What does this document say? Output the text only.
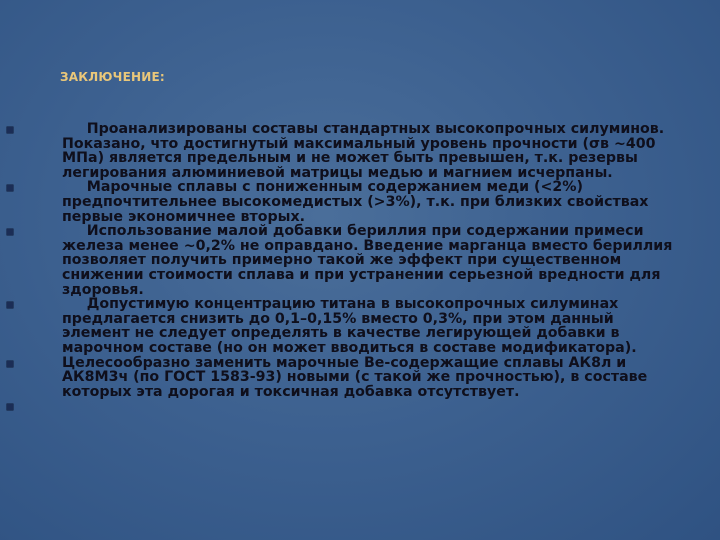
ЗАКЛЮЧЕНИЕ:
Проанализированы составы стандартных высокопрочных силуминов. Показано, что достигнутый максимальный уровень прочности (σв ~400 МПа) является предельным и не может быть превышен, т.к. резервы легирования алюминиевой матрицы медью и магнием исчерпаны.
Марочные сплавы с пониженным содержанием меди (<2%) предпочтительнее высокомедистых (>3%), т.к. при близких свойствах первые экономичнее вторых.
Использование малой добавки бериллия при содержании примеси железа менее ~0,2% не оправдано. Введение марганца вместо бериллия позволяет получить примерно такой же эффект при существенном снижении стоимости сплава и при устранении серьезной вредности для здоровья.
Допустимую концентрацию титана в высокопрочных силуминах предлагается снизить до 0,1–0,15% вместо 0,3%, при этом данный элемент не следует определять в качестве легирующей добавки в марочном составе (но он может вводиться в составе модификатора).
Целесообразно заменить марочные Be-содержащие сплавы АК8л и АК8М3ч (по ГОСТ 1583-93) новыми (с такой же прочностью), в составе которых эта дорогая и токсичная добавка отсутствует.
